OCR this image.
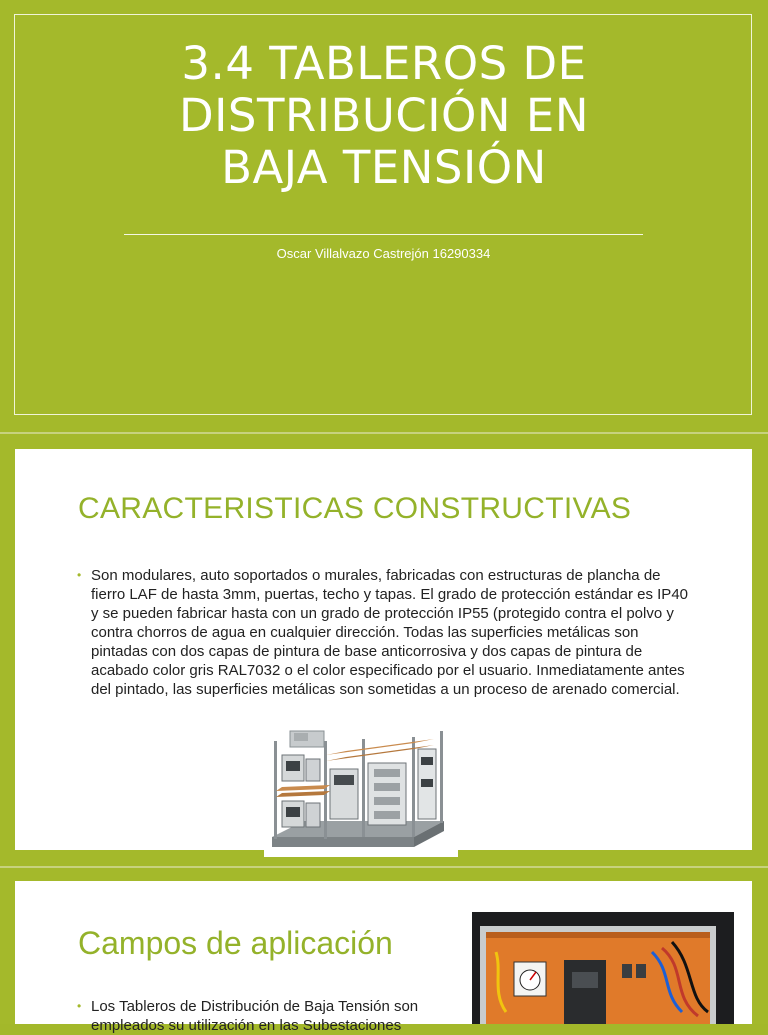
3.4 TABLEROS DE
DISTRIBUCIÓN EN
BAJA TENSIÓN
Oscar Villalvazo Castrejón 16290334
CARACTERISTICAS CONSTRUCTIVAS
• Son modulares, auto soportados o murales, fabricadas con estructuras de plancha de fierro LAF de hasta 3mm, puertas, techo y tapas. El grado de protección estándar es IP40 y se pueden fabricar hasta con un grado de protección IP55 (protegido contra el polvo y contra chorros de agua en cualquier dirección. Todas las superficies metálicas son pintadas con dos capas de pintura de base anticorrosiva y dos capas de pintura de acabado color gris RAL7032 o el color especificado por el usuario. Inmediatamente antes del pintado, las superficies metálicas son sometidas a un proceso de arenado comercial.
Campos de aplicación
• Los Tableros de Distribución de Baja Tensión son empleados su utilización en las Subestaciones
